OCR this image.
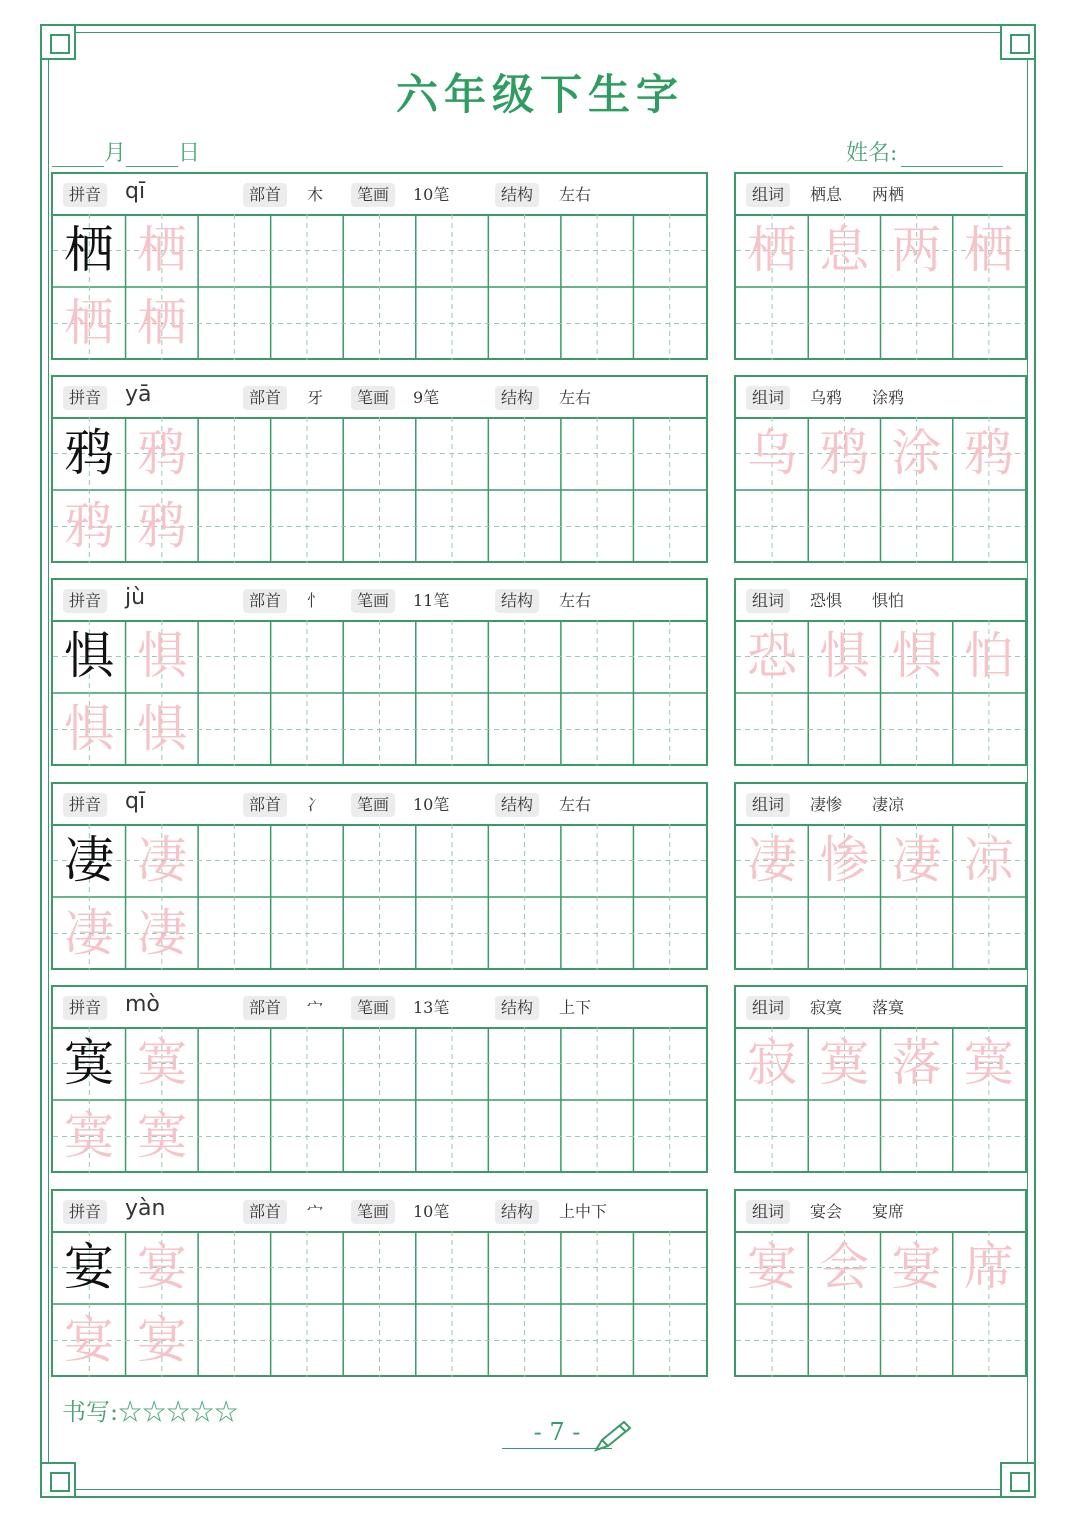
六年级下生字
月 日	姓名:
拼音 qī	部首	木	笔画	10笔	结构	左右
栖 栖
栖 栖
组词	栖息 两栖
栖 息 两 栖
拼音 yā	部首	牙	笔画	9笔	结构	左右
鸦 鸦
鸦 鸦
组词	乌鸦 涂鸦
乌 鸦 涂 鸦
拼音 jù	部首	忄	笔画	11笔	结构	左右
惧 惧
惧 惧
组词	恐惧 惧怕
恐 惧 惧 怕
拼音 qī	部首	冫	笔画	10笔	结构	左右
凄 凄
凄 凄
组词	凄惨 凄凉
凄 惨 凄 凉
拼音 mò	部首	宀	笔画	13笔	结构	上下
寞 寞
寞 寞
组词	寂寞 落寞
寂 寞 落 寞
拼音 yàn	部首	宀	笔画	10笔	结构	上中下
宴 宴
宴 宴
组词	宴会 宴席
宴 会 宴 席
书写:☆☆☆☆☆
- 7 -
